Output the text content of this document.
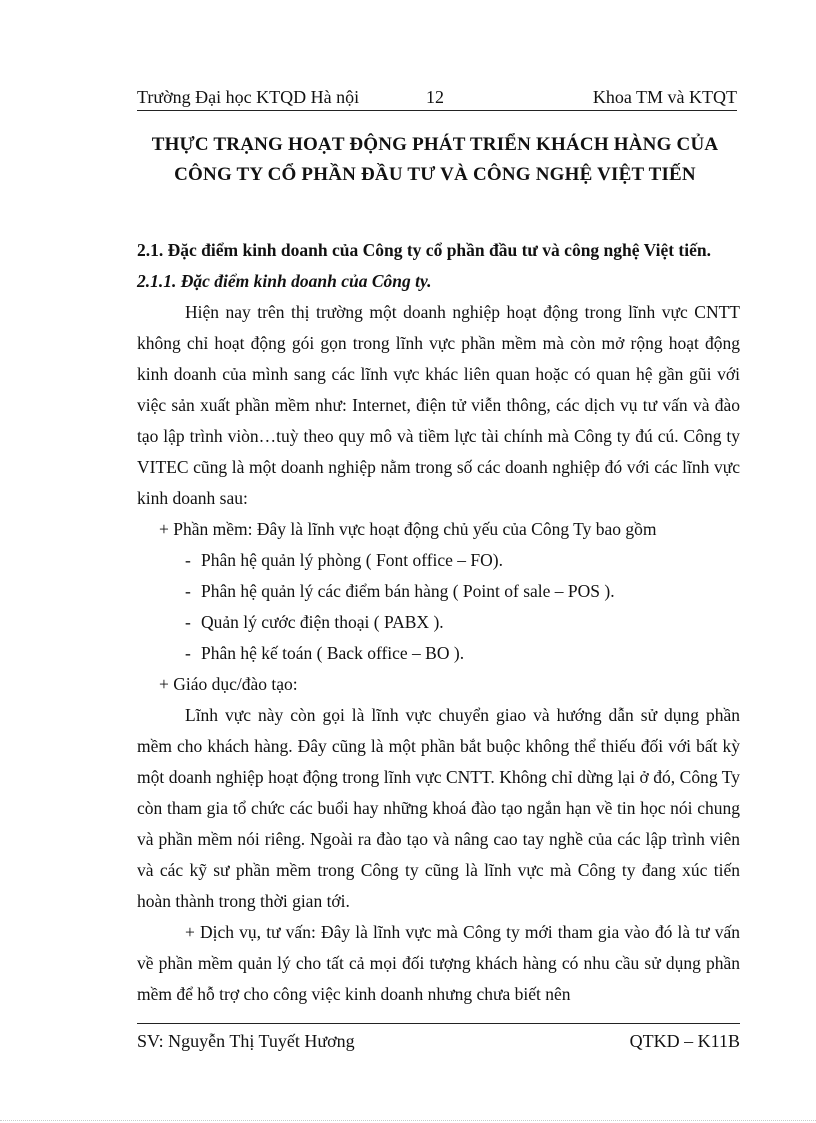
Trường Đại học KTQD Hà nội	12	Khoa TM và KTQT
THỰC TRẠNG HOẠT ĐỘNG PHÁT TRIỂN KHÁCH HÀNG CỦA
CÔNG TY CỔ PHẦN ĐẦU TƯ VÀ CÔNG NGHỆ VIỆT TIẾN

2.1. Đặc điểm kinh doanh của Công ty cổ phần đầu tư và công nghệ Việt tiến.

2.1.1. Đặc điểm kinh doanh của Công ty.

Hiện nay trên thị trường một doanh nghiệp hoạt động trong lĩnh vực CNTT không chỉ hoạt động gói gọn trong lĩnh vực phần mềm mà còn mở rộng hoạt động kinh doanh của mình sang các lĩnh vực khác liên quan hoặc có quan hệ gần gũi với việc sản xuất phần mềm như: Internet, điện tử viễn thông, các dịch vụ tư vấn và đào tạo lập trình viòn…tuỳ theo quy mô và tiềm lực tài chính mà Công ty đú cú. Công ty VITEC cũng là một doanh nghiệp nằm trong số các doanh nghiệp đó với các lĩnh vực kinh doanh sau:

+ Phần mềm: Đây là lĩnh vực hoạt động chủ yếu của Công Ty bao gồm

- Phân hệ quản lý phòng ( Font office – FO).

- Phân hệ quản lý các điểm bán hàng ( Point of sale – POS ).

- Quản lý cước điện thoại ( PABX ).

- Phân hệ kế toán ( Back office – BO ).

+ Giáo dục/đào tạo:

Lĩnh vực này còn gọi là lĩnh vực chuyển giao và hướng dẫn sử dụng phần mềm cho khách hàng. Đây cũng là một phần bắt buộc không thể thiếu đối với bất kỳ một doanh nghiệp hoạt động trong lĩnh vực CNTT. Không chỉ dừng lại ở đó, Công Ty còn tham gia tổ chức các buổi hay những khoá đào tạo ngắn hạn về tin học nói chung và phần mềm nói riêng. Ngoài ra đào tạo và nâng cao tay nghề của các lập trình viên và các kỹ sư phần mềm trong Công ty cũng là lĩnh vực mà Công ty đang xúc tiến hoàn thành trong thời gian tới.

+ Dịch vụ, tư vấn: Đây là lĩnh vực mà Công ty mới tham gia vào đó là tư vấn về phần mềm quản lý cho tất cả mọi đối tượng khách hàng có nhu cầu sử dụng phần mềm để hỗ trợ cho công việc kinh doanh nhưng chưa biết nên

SV: Nguyễn Thị Tuyết Hương	QTKD – K11B
